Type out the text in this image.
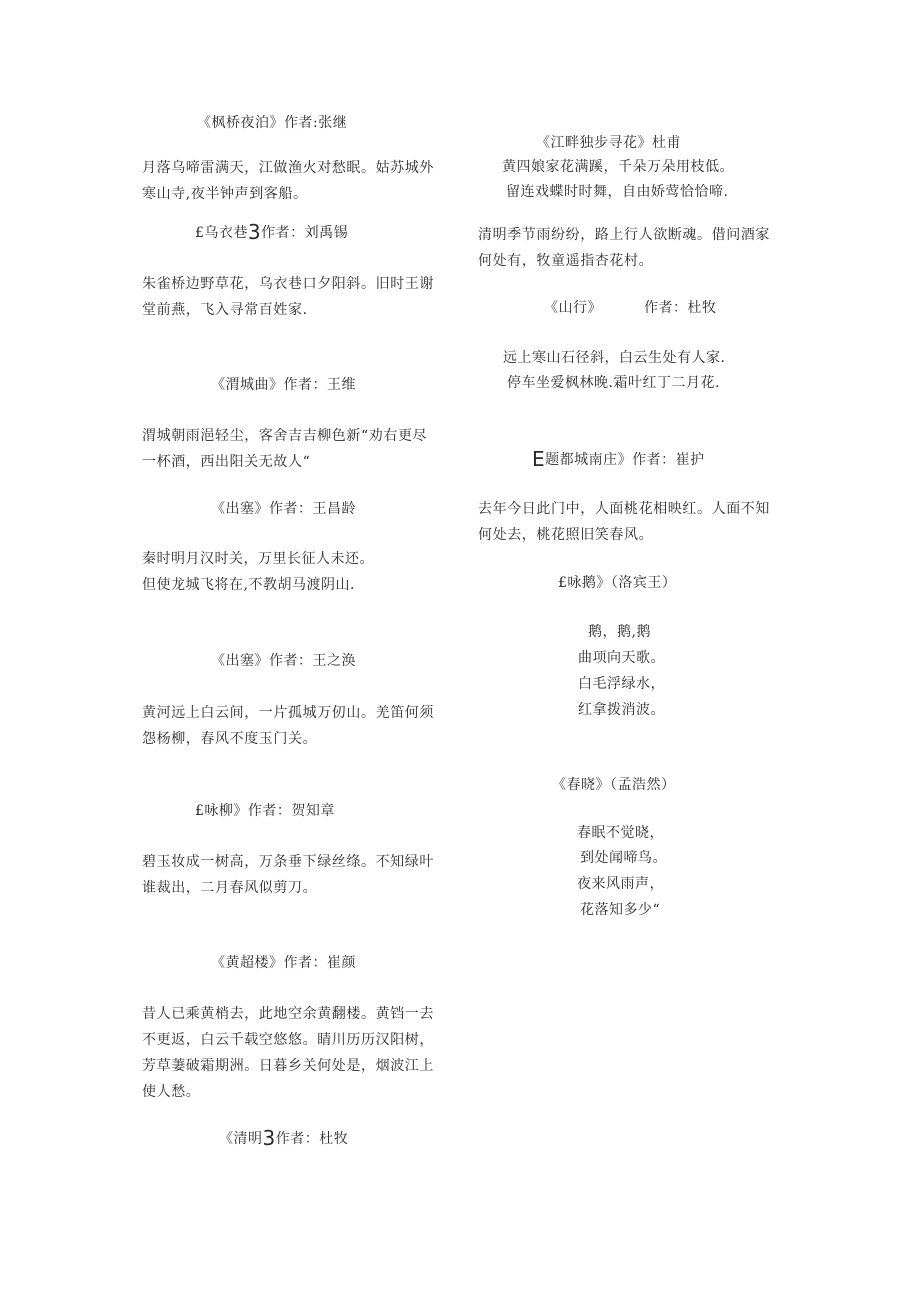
《枫桥夜泊》作者:张继

月落乌啼雷满天，江做渔火对愁眠。姑苏城外寒山寺,夜半钟声到客船。

£乌衣巷3作者：刘禹锡

朱雀桥边野草花，乌衣巷口夕阳斜。旧时王谢堂前燕，飞入寻常百姓家.

《渭城曲》作者：王维

渭城朝雨浥轻尘，客舍吉吉柳色新“劝右更尽一杯酒，西出阳关无故人“

《出塞》作者：王昌龄

秦时明月汉时关，万里长征人未还。

但使龙城飞将在,不教胡马渡阴山.

《出塞》作者：王之涣

黄河远上白云间，一片孤城万仞山。羌笛何须怨杨柳，春风不度玉门关。

£咏柳》作者：贺知章

碧玉妆成一树高，万条垂下绿丝绦。不知绿叶谁裁出，二月春风似剪刀。

《黄超楼》作者：崔颜

昔人已乘黄梢去，此地空余黄翻楼。黄铛一去不更返，白云千载空悠悠。睛川历历汉阳树，芳草萋破霜期洲。日暮乡关何处是，烟波江上使人愁。

《清明3作者：杜牧

《江畔独步寻花》杜甫

黄四娘家花满蹊，千朵万朵用枝低。

留连戏蝶时时舞，自由娇莺恰恰啼.

清明季节雨纷纷，路上行人欲断魂。借问酒家何处有，牧童遥指杏花村。

《山行》	作者：杜牧

远上寒山石径斜，白云生处有人家.

停车坐爱枫林晚.霜叶红丁二月花.

E题都城南庄》作者：崔护

去年今日此门中，人面桃花相映红。人面不知何处去，桃花照旧笑春风。

£咏鹅》（洛宾王）

鹅，鹅,鹅

曲项向天歌。

白毛浮绿水，

红拿拨消波。

《春晓》（孟浩然）

春眠不觉晓，

到处闻啼鸟。

夜来风雨声，

花落知多少“
